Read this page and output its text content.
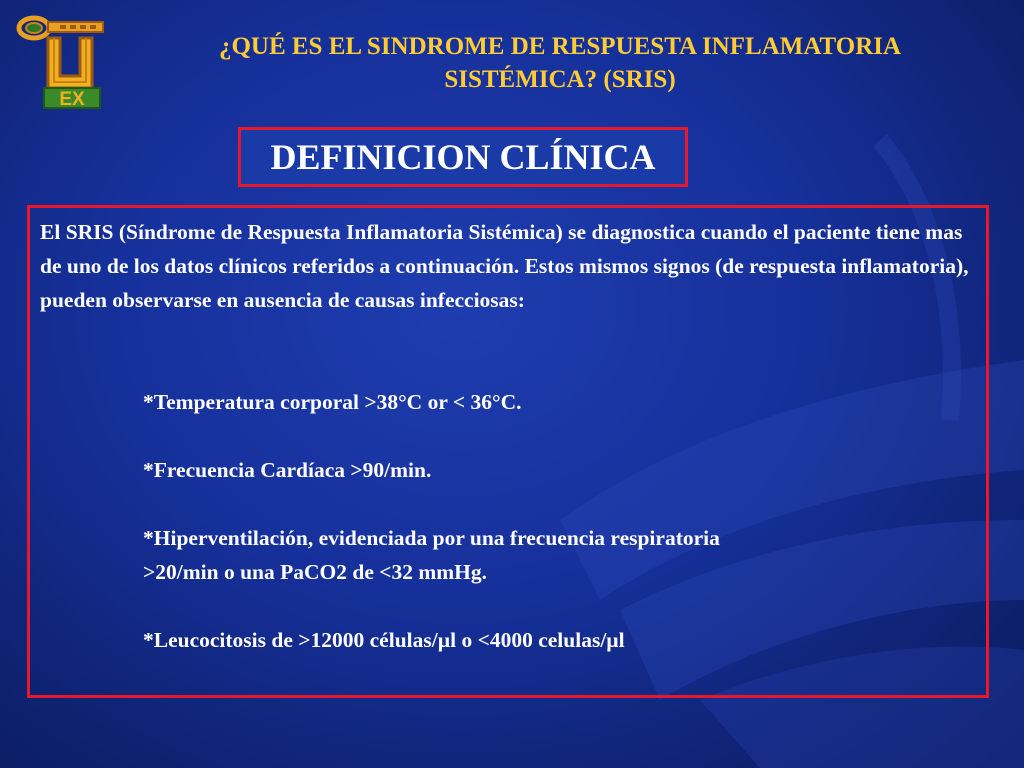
EX
¿QUÉ ES EL SINDROME DE RESPUESTA INFLAMATORIA
SISTÉMICA? (SRIS)
DEFINICION CLÍNICA
El SRIS (Síndrome de Respuesta Inflamatoria Sistémica) se diagnostica cuando el paciente tiene mas de uno de los datos clínicos referidos a continuación. Estos mismos signos (de respuesta inflamatoria), pueden observarse en ausencia de causas infecciosas:
*Temperatura corporal >38°C or < 36°C.
*Frecuencia Cardíaca >90/min.
*Hiperventilación, evidenciada por una frecuencia respiratoria
>20/min o una PaCO2 de <32 mmHg.
*Leucocitosis de >12000 células/µl o <4000 celulas/µl
